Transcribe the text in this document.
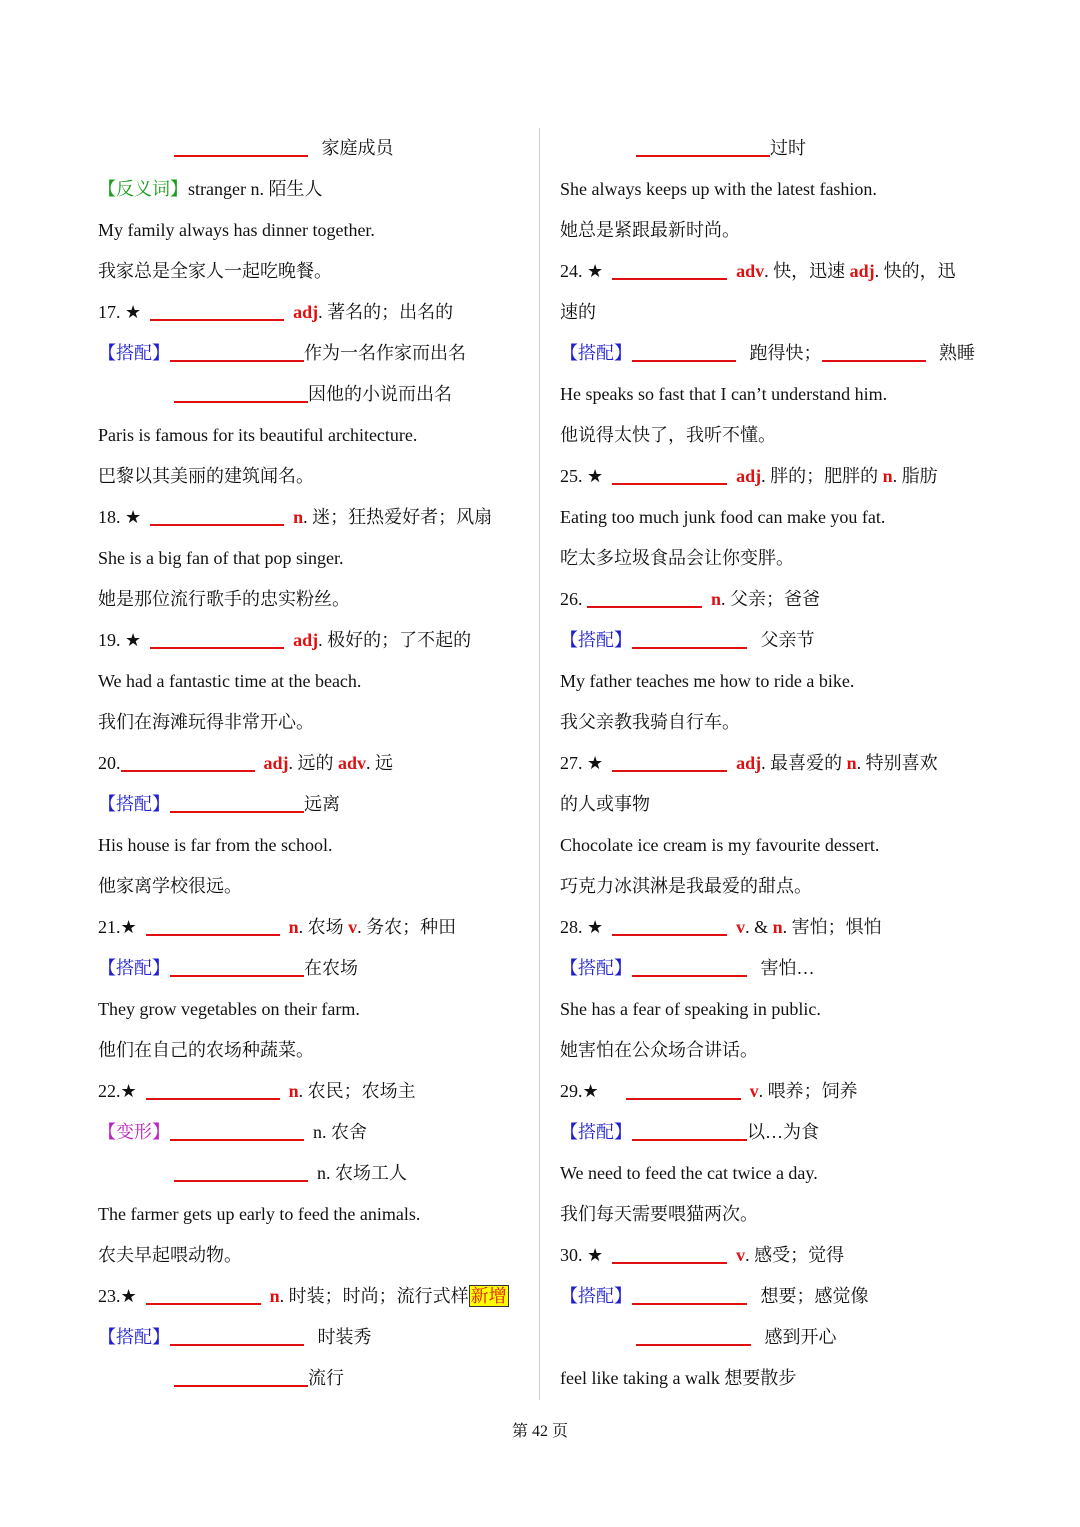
家庭成员
【反义词】stranger n. 陌生人
My family always has dinner together.
我家总是全家人一起吃晚餐。
17. ★	adj. 著名的；出名的
【搭配】	作为一名作家而出名
因他的小说而出名
Paris is famous for its beautiful architecture.
巴黎以其美丽的建筑闻名。
18. ★	n. 迷；狂热爱好者；风扇
She is a big fan of that pop singer.
她是那位流行歌手的忠实粉丝。
19. ★	adj. 极好的；了不起的
We had a fantastic time at the beach.
我们在海滩玩得非常开心。
20.	adj. 远的 adv. 远
【搭配】	远离
His house is far from the school.
他家离学校很远。
21.★	n. 农场 v. 务农；种田
【搭配】	在农场
They grow vegetables on their farm.
他们在自己的农场种蔬菜。
22.★	n. 农民；农场主
【变形】	n. 农舍
n. 农场工人
The farmer gets up early to feed the animals.
农夫早起喂动物。
23.★	n. 时装；时尚；流行式样 新增
【搭配】	时装秀
流行
过时
She always keeps up with the latest fashion.
她总是紧跟最新时尚。
24. ★	adv. 快，迅速 adj. 快的，迅
速的
【搭配】	跑得快；	熟睡
He speaks so fast that I can’t understand him.
他说得太快了，我听不懂。
25. ★	adj. 胖的；肥胖的 n. 脂肪
Eating too much junk food can make you fat.
吃太多垃圾食品会让你变胖。
26.	n. 父亲；爸爸
【搭配】	父亲节
My father teaches me how to ride a bike.
我父亲教我骑自行车。
27. ★	adj. 最喜爱的 n. 特别喜欢
的人或事物
Chocolate ice cream is my favourite dessert.
巧克力冰淇淋是我最爱的甜点。
28. ★	v. & n. 害怕；惧怕
【搭配】	害怕…
She has a fear of speaking in public.
她害怕在公众场合讲话。
29.★	v. 喂养；饲养
【搭配】	以…为食
We need to feed the cat twice a day.
我们每天需要喂猫两次。
30. ★	v. 感受；觉得
【搭配】	想要；感觉像
感到开心
feel like taking a walk 想要散步
第 42 页
